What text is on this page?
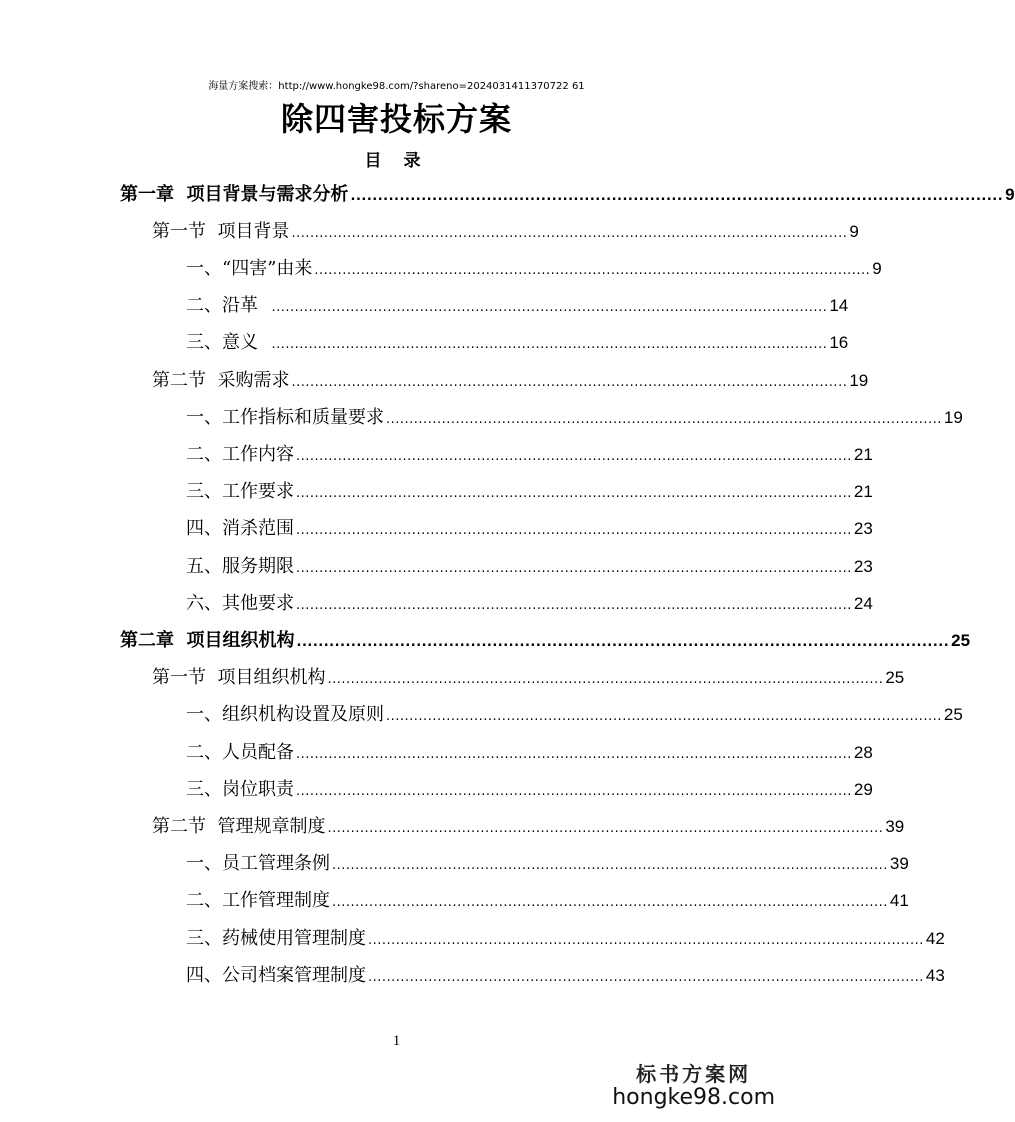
海量方案搜索：http://www.hongke98.com/?shareno=2024031411370722 61
除四害投标方案
目 录
第一章  项目背景与需求分析 ........................................................................................................................ 9
第一节  项目背景 ........................................................................................................................ 9
一、“四害”由来 ........................................................................................................................ 9
二、沿革 ........................................................................................................................ 14
三、意义 ........................................................................................................................ 16
第二节  采购需求 ........................................................................................................................ 19
一、工作指标和质量要求 ........................................................................................................................ 19
二、工作内容 ........................................................................................................................ 21
三、工作要求 ........................................................................................................................ 21
四、消杀范围 ........................................................................................................................ 23
五、服务期限 ........................................................................................................................ 23
六、其他要求 ........................................................................................................................ 24
第二章  项目组织机构 ........................................................................................................................ 25
第一节  项目组织机构 ........................................................................................................................ 25
一、组织机构设置及原则 ........................................................................................................................ 25
二、人员配备 ........................................................................................................................ 28
三、岗位职责 ........................................................................................................................ 29
第二节  管理规章制度 ........................................................................................................................ 39
一、员工管理条例 ........................................................................................................................ 39
二、工作管理制度 ........................................................................................................................ 41
三、药械使用管理制度 ........................................................................................................................ 42
四、公司档案管理制度 ........................................................................................................................ 43
1
标书方案网
hongke98.com
